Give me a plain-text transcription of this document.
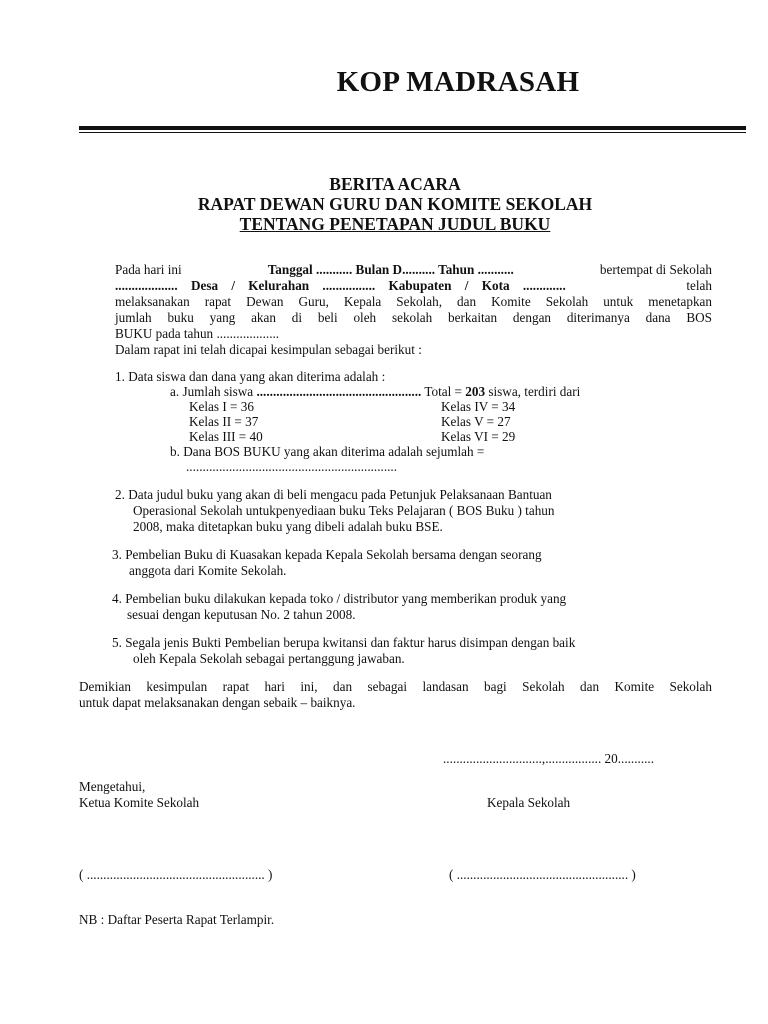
KOP MADRASAH
BERITA ACARA
RAPAT DEWAN GURU DAN KOMITE SEKOLAH
TENTANG PENETAPAN JUDUL BUKU
Pada hari ini	Tanggal ........... Bulan D.......... Tahun ...........	bertempat di Sekolah
................... Desa / Kelurahan ................ Kabupaten / Kota .............	telah
melaksanakan rapat Dewan Guru, Kepala Sekolah, dan Komite Sekolah untuk menetapkan
jumlah buku yang akan di beli oleh sekolah berkaitan dengan diterimanya dana BOS
BUKU pada tahun ...................
Dalam rapat ini telah dicapai kesimpulan sebagai berikut :
1. Data siswa dan dana yang akan diterima adalah :
a. Jumlah siswa .................................................. Total = 203 siswa, terdiri dari
Kelas I = 36	Kelas IV = 34
Kelas II = 37	Kelas V = 27
Kelas III = 40	Kelas VI = 29
b. Dana BOS BUKU yang akan diterima adalah sejumlah =
................................................................
2. Data judul buku yang akan di beli mengacu pada Petunjuk Pelaksanaan Bantuan
Operasional Sekolah untukpenyediaan buku Teks Pelajaran ( BOS Buku ) tahun
2008, maka ditetapkan buku yang dibeli adalah buku BSE.
3. Pembelian Buku di Kuasakan kepada Kepala Sekolah bersama dengan seorang
anggota dari Komite Sekolah.
4. Pembelian buku dilakukan kepada toko / distributor yang memberikan produk yang
sesuai dengan keputusan No. 2 tahun 2008.
5. Segala jenis Bukti Pembelian berupa kwitansi dan faktur harus disimpan dengan baik
oleh Kepala Sekolah sebagai pertanggung jawaban.
Demikian kesimpulan rapat hari ini, dan sebagai landasan bagi Sekolah dan Komite Sekolah
untuk dapat melaksanakan dengan sebaik – baiknya.
..............................,................. 20...........
Mengetahui,
Ketua Komite Sekolah	Kepala Sekolah
( ...................................................... )	( .................................................... )
NB : Daftar Peserta Rapat Terlampir.
